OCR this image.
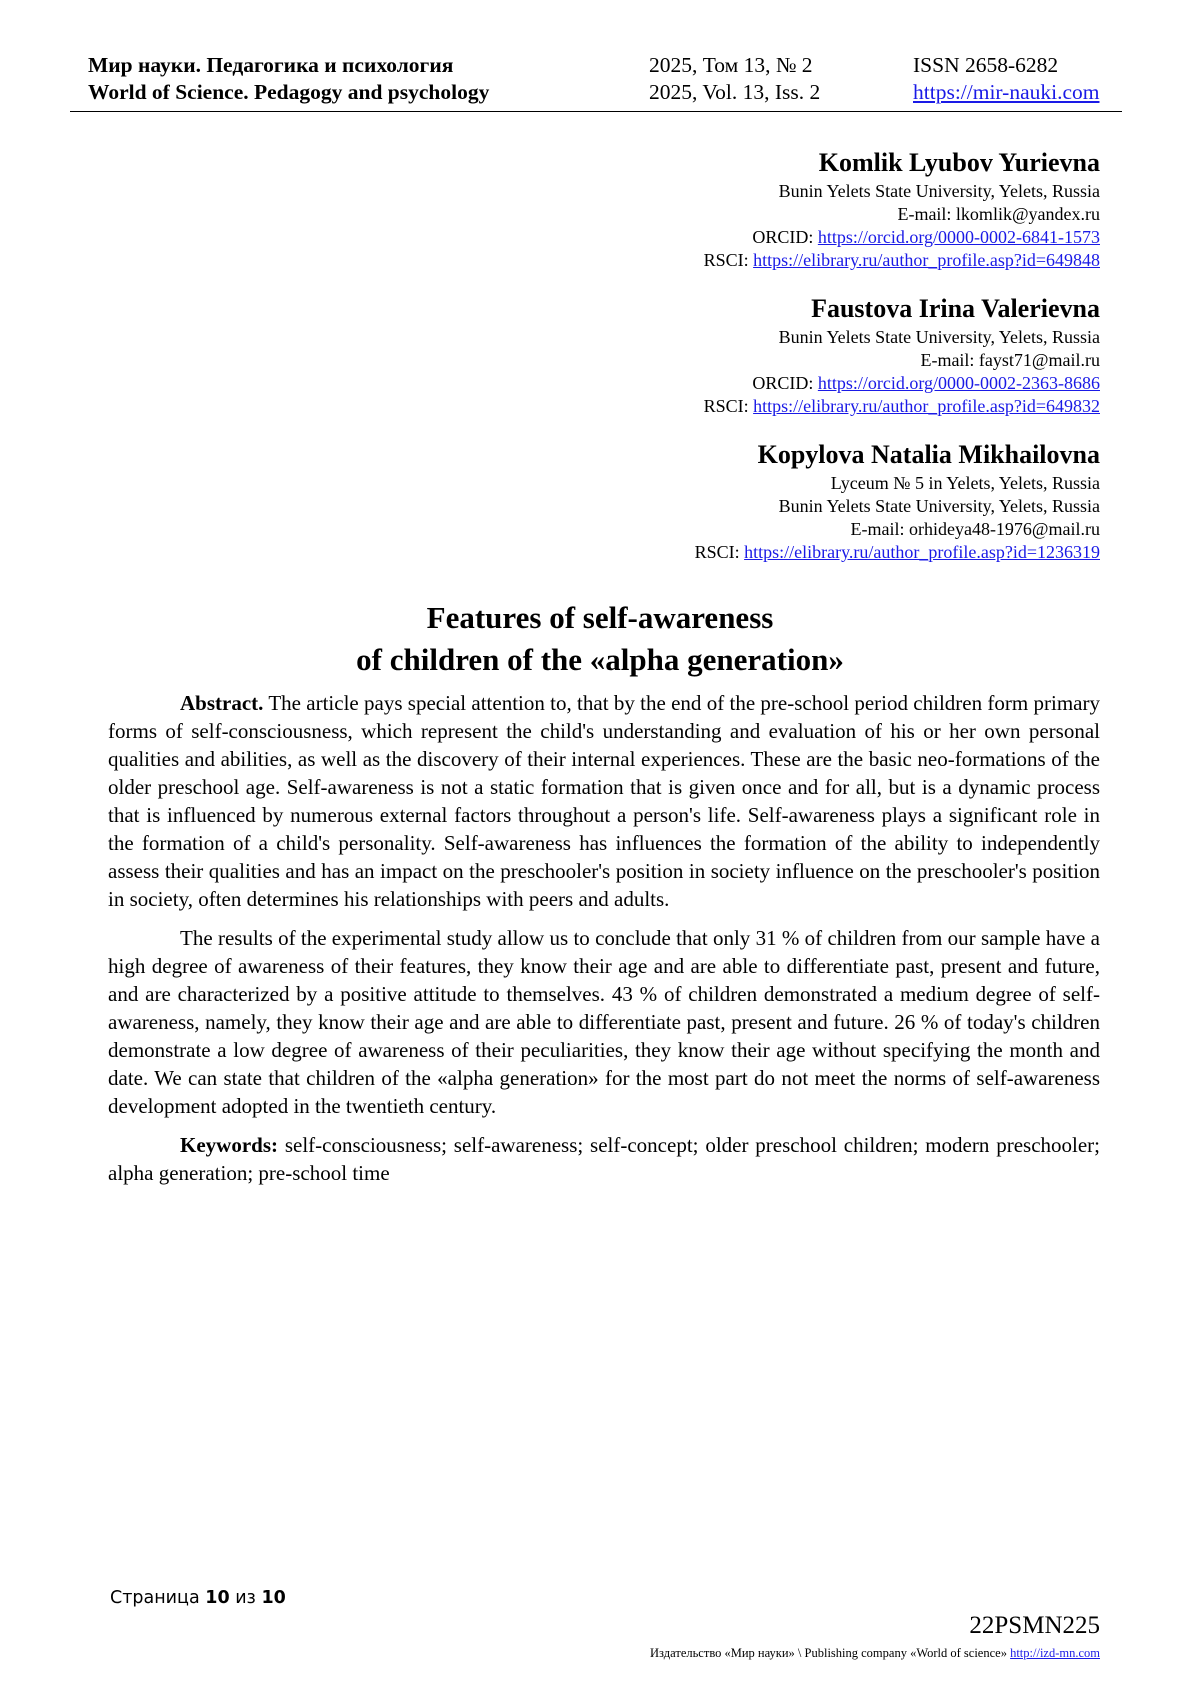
Мир науки. Педагогика и психология	2025, Том 13, № 2	ISSN 2658-6282
World of Science. Pedagogy and psychology	2025, Vol. 13, Iss. 2	https://mir-nauki.com
Komlik Lyubov Yurievna
Bunin Yelets State University, Yelets, Russia
E-mail: lkomlik@yandex.ru
ORCID: https://orcid.org/0000-0002-6841-1573
RSCI: https://elibrary.ru/author_profile.asp?id=649848
Faustova Irina Valerievna
Bunin Yelets State University, Yelets, Russia
E-mail: fayst71@mail.ru
ORCID: https://orcid.org/0000-0002-2363-8686
RSCI: https://elibrary.ru/author_profile.asp?id=649832
Kopylova Natalia Mikhailovna
Lyceum № 5 in Yelets, Yelets, Russia
Bunin Yelets State University, Yelets, Russia
E-mail: orhideya48-1976@mail.ru
RSCI: https://elibrary.ru/author_profile.asp?id=1236319
Features of self-awareness
of children of the «alpha generation»

Abstract. The article pays special attention to, that by the end of the pre-school period children form primary forms of self-consciousness, which represent the child's understanding and evaluation of his or her own personal qualities and abilities, as well as the discovery of their internal experiences. These are the basic neo-formations of the older preschool age. Self-awareness is not a static formation that is given once and for all, but is a dynamic process that is influenced by numerous external factors throughout a person's life. Self-awareness plays a significant role in the formation of a child's personality. Self-awareness has influences the formation of the ability to independently assess their qualities and has an impact on the preschooler's position in society influence on the preschooler's position in society, often determines his relationships with peers and adults.

The results of the experimental study allow us to conclude that only 31 % of children from our sample have a high degree of awareness of their features, they know their age and are able to differentiate past, present and future, and are characterized by a positive attitude to themselves. 43 % of children demonstrated a medium degree of self-awareness, namely, they know their age and are able to differentiate past, present and future. 26 % of today's children demonstrate a low degree of awareness of their peculiarities, they know their age without specifying the month and date. We can state that children of the «alpha generation» for the most part do not meet the norms of self-awareness development adopted in the twentieth century.

Keywords: self-consciousness; self-awareness; self-concept; older preschool children; modern preschooler; alpha generation; pre-school time

Страница 10 из 10
22PSMN225
Издательство «Мир науки» \ Publishing company «World of science» http://izd-mn.com
